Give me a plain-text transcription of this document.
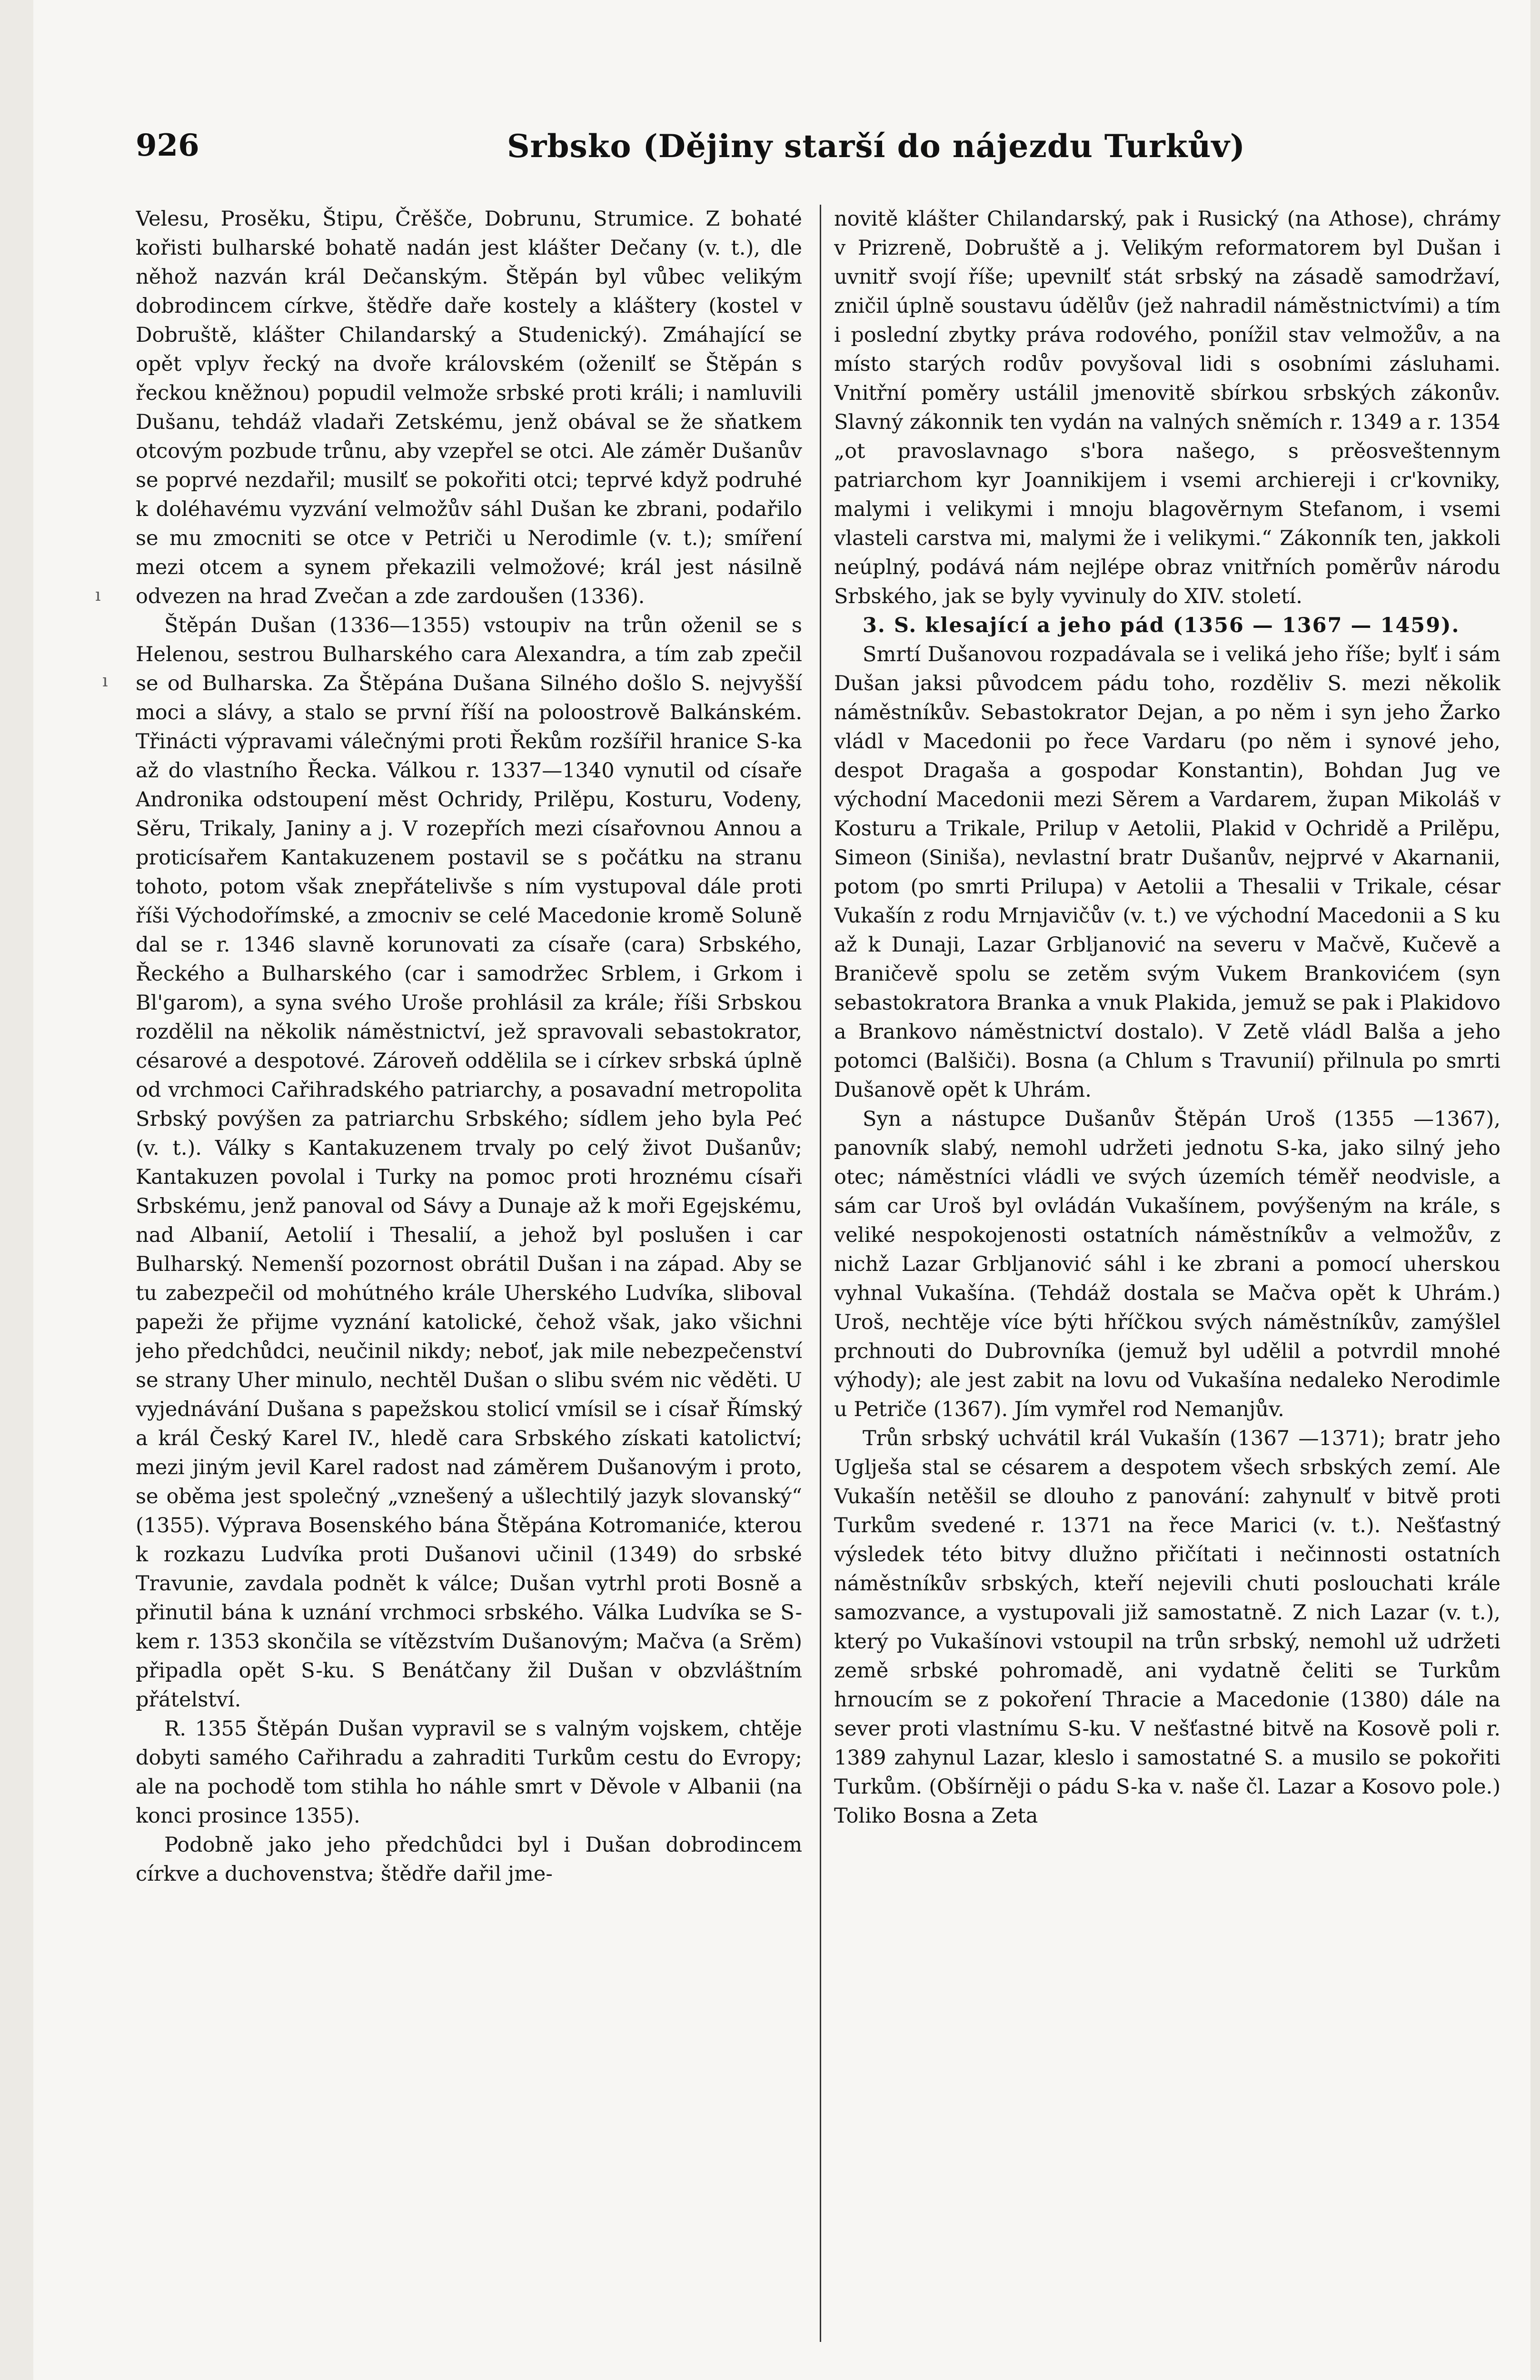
926	Srbsko (Dějiny starší do nájezdu Turkův)
ı
ı

Velesu, Prosěku, Štipu, Črěšče, Dobrunu, Strumice. Z bohaté kořisti bulharské bohatě nadán jest klášter Dečany (v. t.), dle něhož nazván král Dečanským. Štěpán byl vůbec velikým dobrodincem církve, štědře daře kostely a kláštery (kostel v Dobruště, klášter Chilandarský a Studenický). Zmáhající se opět vplyv řecký na dvoře královském (oženilť se Štěpán s řeckou kněžnou) popudil velmože srbské proti králi; i namluvili Dušanu, tehdáž vladaři Zetskému, jenž obával se že sňatkem otcovým pozbude trůnu, aby vzepřel se otci. Ale záměr Dušanův se poprvé nezdařil; musilť se pokořiti otci; teprvé když podruhé k doléhavému vyzvání velmožův sáhl Dušan ke zbrani, podařilo se mu zmocniti se otce v Petriči u Nerodimle (v. t.); smíření mezi otcem a synem překazili velmožové; král jest násilně odvezen na hrad Zvečan a zde zardoušen (1336).

Štěpán Dušan (1336—1355) vstoupiv na trůn oženil se s Helenou, sestrou Bulharského cara Alexandra, a tím zab zpečil se od Bulharska. Za Štěpána Dušana Silného došlo S. nejvyšší moci a slávy, a stalo se první říší na poloostrově Balkánském. Třinácti výpravami válečnými proti Řekům rozšířil hranice S-ka až do vlastního Řecka. Válkou r. 1337—1340 vynutil od císaře Andronika odstoupení měst Ochridy, Prilěpu, Kosturu, Vodeny, Sěru, Trikaly, Janiny a j. V rozepřích mezi císařovnou Annou a proticísařem Kantakuzenem postavil se s počátku na stranu tohoto, potom však znepřátelivše s ním vystupoval dále proti říši Východořímské, a zmocniv se celé Macedonie kromě Soluně dal se r. 1346 slavně korunovati za císaře (cara) Srbského, Řeckého a Bulharského (car i samodržec Srblem, i Grkom i Bl'garom), a syna svého Uroše prohlásil za krále; říši Srbskou rozdělil na několik náměstnictví, jež spravovali sebastokrator, césarové a despotové. Zároveň oddělila se i církev srbská úplně od vrchmoci Cařihradského patriarchy, a posavadní metropolita Srbský povýšen za patriarchu Srbského; sídlem jeho byla Peć (v. t.). Války s Kantakuzenem trvaly po celý život Dušanův; Kantakuzen povolal i Turky na pomoc proti hroznému císaři Srbskému, jenž panoval od Sávy a Dunaje až k moři Egejskému, nad Albanií, Aetolií i Thesalií, a jehož byl poslušen i car Bulharský. Nemenší pozornost obrátil Dušan i na západ. Aby se tu zabezpečil od mohútného krále Uherského Ludvíka, sliboval papeži že přijme vyznání katolické, čehož však, jako všichni jeho předchůdci, neučinil nikdy; neboť, jak mile nebezpečenství se strany Uher minulo, nechtěl Dušan o slibu svém nic věděti. U vyjednávání Dušana s papežskou stolicí vmísil se i císař Římský a král Český Karel IV., hledě cara Srbského získati katolictví; mezi jiným jevil Karel radost nad záměrem Dušanovým i proto, se oběma jest společný „vznešený a ušlechtilý jazyk slovanský“ (1355). Výprava Bosenského bána Štěpána Kotromaniće, kterou k rozkazu Ludvíka proti Dušanovi učinil (1349) do srbské Travunie, zavdala podnět k válce; Dušan vytrhl proti Bosně a přinutil bána k uznání vrchmoci srbského. Válka Ludvíka se S-kem r. 1353 skončila se vítězstvím Dušanovým; Mačva (a Srěm) připadla opět S-ku. S Benátčany žil Dušan v obzvláštním přátelství.

R. 1355 Štěpán Dušan vypravil se s valným vojskem, chtěje dobyti samého Cařihradu a zahraditi Turkům cestu do Evropy; ale na pochodě tom stihla ho náhle smrt v Děvole v Albanii (na konci prosince 1355).

Podobně jako jeho předchůdci byl i Dušan dobrodincem církve a duchovenstva; štědře dařil jme-

novitě klášter Chilandarský, pak i Rusický (na Athose), chrámy v Prizreně, Dobruště a j. Velikým reformatorem byl Dušan i uvnitř svojí říše; upevnilť stát srbský na zásadě samodržaví, zničil úplně soustavu údělův (jež nahradil náměstnictvími) a tím i poslední zbytky práva rodového, ponížil stav velmožův, a na místo starých rodův povyšoval lidi s osobními zásluhami. Vnitřní poměry ustálil jmenovitě sbírkou srbských zákonův. Slavný zákonnik ten vydán na valných sněmích r. 1349 a r. 1354 „ot pravoslavnago s'bora našego, s prěosveštennym patriarchom kyr Joannikijem i vsemi archiereji i cr'kovniky, malymi i velikymi i mnoju blagověrnym Stefanom, i vsemi vlasteli carstva mi, malymi že i velikymi.“ Zákonník ten, jakkoli neúplný, podává nám nejlépe obraz vnitřních poměrův národu Srbského, jak se byly vyvinuly do XIV. století.

3. S. klesající a jeho pád (1356 — 1367 — 1459).

Smrtí Dušanovou rozpadávala se i veliká jeho říše; bylť i sám Dušan jaksi původcem pádu toho, rozděliv S. mezi několik náměstníkův. Sebastokrator Dejan, a po něm i syn jeho Žarko vládl v Macedonii po řece Vardaru (po něm i synové jeho, despot Dragaša a gospodar Konstantin), Bohdan Jug ve východní Macedonii mezi Sěrem a Vardarem, župan Mikoláš v Kosturu a Trikale, Prilup v Aetolii, Plakid v Ochridě a Prilěpu, Simeon (Siniša), nevlastní bratr Dušanův, nejprvé v Akarnanii, potom (po smrti Prilupa) v Aetolii a Thesalii v Trikale, césar Vukašín z rodu Mrnjavičův (v. t.) ve východní Macedonii a S ku až k Dunaji, Lazar Grbljanović na severu v Mačvě, Kučevě a Braničevě spolu se zetěm svým Vukem Brankovićem (syn sebastokratora Branka a vnuk Plakida, jemuž se pak i Plakidovo a Brankovo náměstnictví dostalo). V Zetě vládl Balša a jeho potomci (Balšiči). Bosna (a Chlum s Travunií) přilnula po smrti Dušanově opět k Uhrám.

Syn a nástupce Dušanův Štěpán Uroš (1355 —1367), panovník slabý, nemohl udržeti jednotu S-ka, jako silný jeho otec; náměstníci vládli ve svých územích téměř neodvisle, a sám car Uroš byl ovládán Vukašínem, povýšeným na krále, s veliké nespokojenosti ostatních náměstníkův a velmožův, z nichž Lazar Grbljanović sáhl i ke zbrani a pomocí uherskou vyhnal Vukašína. (Tehdáž dostala se Mačva opět k Uhrám.) Uroš, nechtěje více býti hříčkou svých náměstníkův, zamýšlel prchnouti do Dubrovníka (jemuž byl udělil a potvrdil mnohé výhody); ale jest zabit na lovu od Vukašína nedaleko Nerodimle u Petriče (1367). Jím vymřel rod Nemanjův.

Trůn srbský uchvátil král Vukašín (1367 —1371); bratr jeho Uglješa stal se césarem a despotem všech srbských zemí. Ale Vukašín netěšil se dlouho z panování: zahynulť v bitvě proti Turkům svedené r. 1371 na řece Marici (v. t.). Nešťastný výsledek této bitvy dlužno přičítati i nečinnosti ostatních náměstníkův srbských, kteří nejevili chuti poslouchati krále samozvance, a vystupovali již samostatně. Z nich Lazar (v. t.), který po Vukašínovi vstoupil na trůn srbský, nemohl už udržeti země srbské pohromadě, ani vydatně čeliti se Turkům hrnoucím se z pokoření Thracie a Macedonie (1380) dále na sever proti vlastnímu S-ku. V nešťastné bitvě na Kosově poli r. 1389 zahynul Lazar, kleslo i samostatné S. a musilo se pokořiti Turkům. (Obšírněji o pádu S-ka v. naše čl. Lazar a Kosovo pole.) Toliko Bosna a Zeta
